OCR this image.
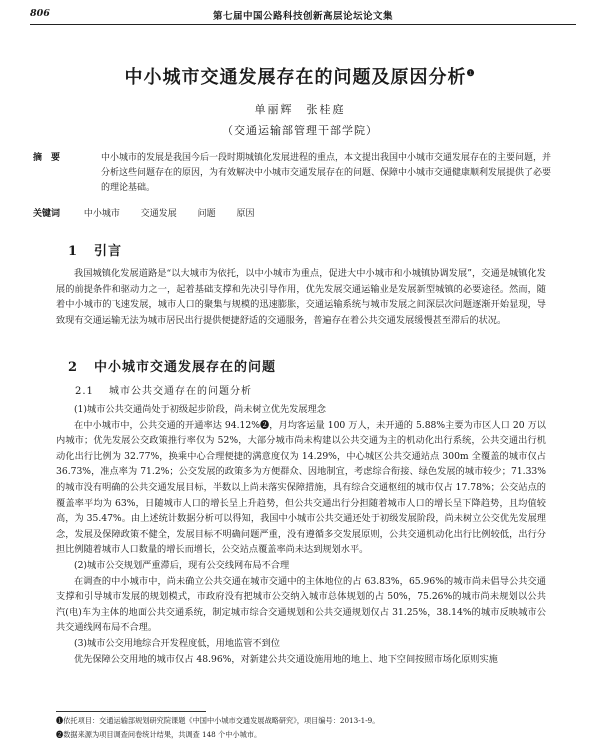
806	第七届中国公路科技创新高层论坛论文集
中小城市交通发展存在的问题及原因分析$^❶$
单丽辉　张桂庭
（交通运输部管理干部学院）
摘　要	中小城市的发展是我国今后一段时期城镇化发展进程的重点，本文提出我国中小城市交通发展存在的主要问题，并分析这些问题存在的原因，为有效解决中小城市交通发展存在的问题、保障中小城市交通健康顺利发展提供了必要的理论基础。
关键词	中小城市 交通发展 问题 原因
1 引言

我国城镇化发展道路是“以大城市为依托，以中小城市为重点，促进大中小城市和小城镇协调发展”，交通是城镇化发展的前提条件和驱动力之一，起着基础支撑和先决引导作用，优先发展交通运输业是发展新型城镇的必要途径。然而，随着中小城市的飞速发展，城市人口的聚集与规模的迅速膨胀，交通运输系统与城市发展之间深层次问题逐渐开始显现，导致现有交通运输无法为城市居民出行提供便捷舒适的交通服务，普遍存在着公共交通发展缓慢甚至滞后的状况。

2 中小城市交通发展存在的问题
2.1 城市公共交通存在的问题分析

(1)城市公共交通尚处于初级起步阶段，尚未树立优先发展理念

在中小城市中，公共交通的开通率达 94.12%❷，月均客运量 100 万人，未开通的 5.88%主要为市区人口 20 万以内城市；优先发展公交政策推行率仅为 52%，大部分城市尚未构建以公共交通为主的机动化出行系统，公共交通出行机动化出行比例为 32.77%，换乘中心合理便捷的满意度仅为 14.29%，中心城区公共交通站点 300m 全覆盖的城市仅占 36.73%，准点率为 71.2%；公交发展的政策多为方便群众、因地制宜，考虑综合衔接、绿色发展的城市较少；71.33%的城市没有明确的公共交通发展目标，半数以上尚未落实保障措施，具有综合交通枢纽的城市仅占 17.78%；公交站点的覆盖率平均为 63%，日随城市人口的增长呈上升趋势，但公共交通出行分担随着城市人口的增长呈下降趋势，且均值较高，为 35.47%。由上述统计数据分析可以得知，我国中小城市公共交通还处于初级发展阶段，尚未树立公交优先发展理念，发展及保障政策不健全，发展目标不明确问题严重，没有遵循多交发展原则，公共交通机动化出行比例较低，出行分担比例随着城市人口数量的增长而增长，公交站点覆盖率尚未达到规划水平。

(2)城市公交规划严重滞后，现有公交线网布局不合理

在调查的中小城市中，尚未确立公共交通在城市交通中的主体地位的占 63.83%，65.96%的城市尚未倡导公共交通支撑和引导城市发展的规划模式，市政府没有把城市公交纳入城市总体规划的占 50%，75.26%的城市尚未规划以公共汽(电)车为主体的地面公共交通系统，制定城市综合交通规划和公共交通规划仅占 31.25%，38.14%的城市反映城市公共交通线网布局不合理。

(3)城市公交用地综合开发程度低，用地监管不到位

优先保障公交用地的城市仅占 48.96%，对新建公共交通设施用地的地上、地下空间按照市场化原则实施

❶依托项目：交通运输部规划研究院课题《中国中小城市交通发展战略研究》，项目编号：2013-1-9。
❷数据来源为项目调查问卷统计结果，共调查 148 个中小城市。
